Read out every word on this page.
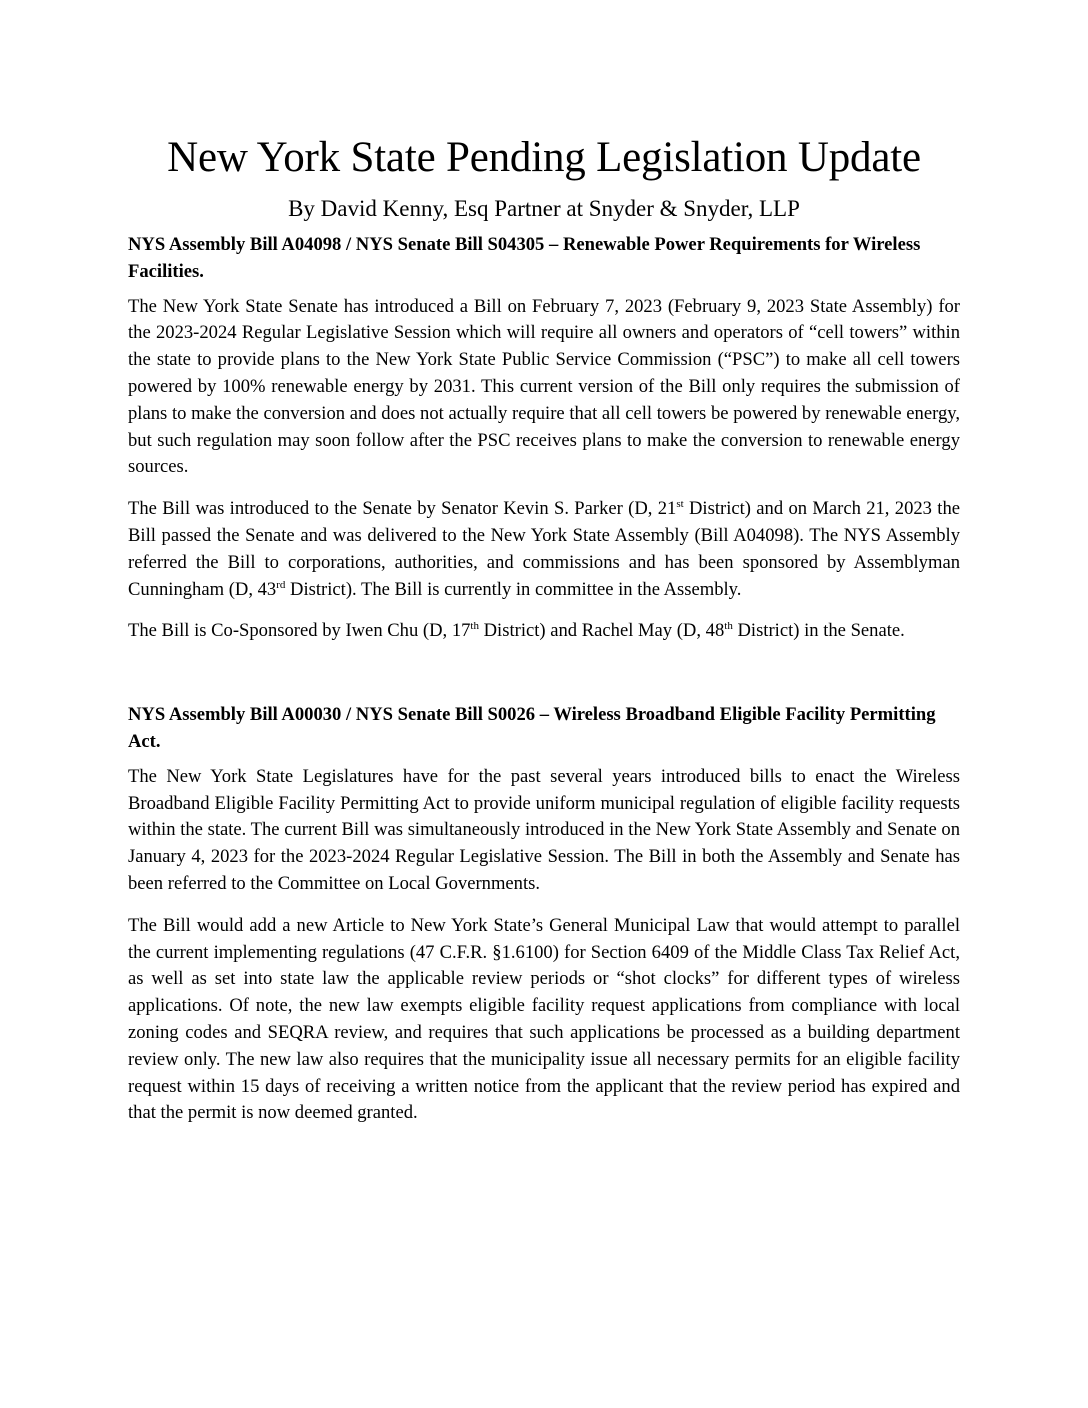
New York State Pending Legislation Update

By David Kenny, Esq Partner at Snyder & Snyder, LLP

NYS Assembly Bill A04098 / NYS Senate Bill S04305 – Renewable Power Requirements for Wireless Facilities.

The New York State Senate has introduced a Bill on February 7, 2023 (February 9, 2023 State Assembly) for the 2023-2024 Regular Legislative Session which will require all owners and operators of “cell towers” within the state to provide plans to the New York State Public Service Commission (“PSC”) to make all cell towers powered by 100% renewable energy by 2031. This current version of the Bill only requires the submission of plans to make the conversion and does not actually require that all cell towers be powered by renewable energy, but such regulation may soon follow after the PSC receives plans to make the conversion to renewable energy sources.

The Bill was introduced to the Senate by Senator Kevin S. Parker (D, 21st District) and on March 21, 2023 the Bill passed the Senate and was delivered to the New York State Assembly (Bill A04098). The NYS Assembly referred the Bill to corporations, authorities, and commissions and has been sponsored by Assemblyman Cunningham (D, 43rd District). The Bill is currently in committee in the Assembly.

The Bill is Co-Sponsored by Iwen Chu (D, 17th District) and Rachel May (D, 48th District) in the Senate.

NYS Assembly Bill A00030 / NYS Senate Bill S0026 – Wireless Broadband Eligible Facility Permitting Act.

The New York State Legislatures have for the past several years introduced bills to enact the Wireless Broadband Eligible Facility Permitting Act to provide uniform municipal regulation of eligible facility requests within the state. The current Bill was simultaneously introduced in the New York State Assembly and Senate on January 4, 2023 for the 2023-2024 Regular Legislative Session. The Bill in both the Assembly and Senate has been referred to the Committee on Local Governments.

The Bill would add a new Article to New York State’s General Municipal Law that would attempt to parallel the current implementing regulations (47 C.F.R. §1.6100) for Section 6409 of the Middle Class Tax Relief Act, as well as set into state law the applicable review periods or “shot clocks” for different types of wireless applications. Of note, the new law exempts eligible facility request applications from compliance with local zoning codes and SEQRA review, and requires that such applications be processed as a building department review only. The new law also requires that the municipality issue all necessary permits for an eligible facility request within 15 days of receiving a written notice from the applicant that the review period has expired and that the permit is now deemed granted.
